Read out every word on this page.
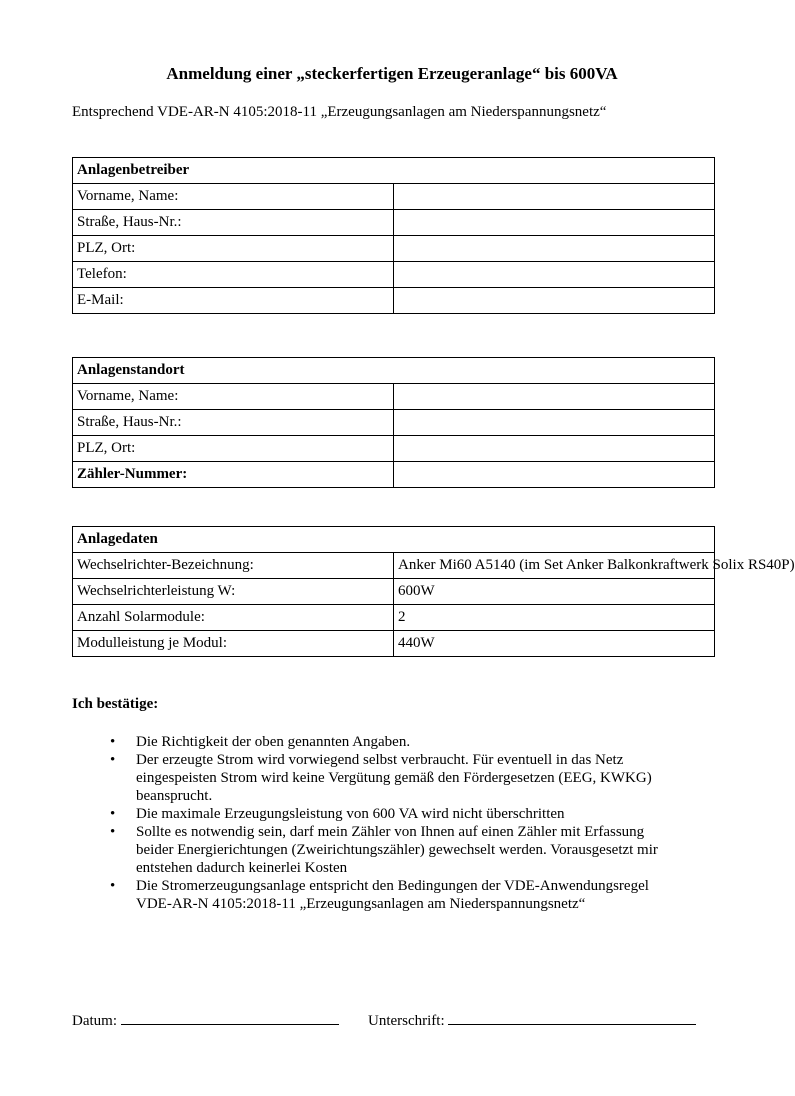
Anmeldung einer „steckerfertigen Erzeugeranlage“ bis 600VA
Entsprechend VDE-AR-N 4105:2018-11 „Erzeugungsanlagen am Niederspannungsnetz“
Anlagenbetreiber	
Vorname, Name:	
Straße, Haus-Nr.:	
PLZ, Ort:	
Telefon:	
E-Mail:	
Anlagenstandort	
Vorname, Name:	
Straße, Haus-Nr.:	
PLZ, Ort:	
Zähler-Nummer:	
Anlagedaten	
Wechselrichter-Bezeichnung:	Anker Mi60 A5140 (im Set Anker Balkonkraftwerk Solix RS40P)
Wechselrichterleistung W:	600W
Anzahl Solarmodule:	2
Modulleistung je Modul:	440W
Ich bestätige:
• Die Richtigkeit der oben genannten Angaben.
• Der erzeugte Strom wird vorwiegend selbst verbraucht. Für eventuell in das Netz
eingespeisten Strom wird keine Vergütung gemäß den Fördergesetzen (EEG, KWKG)
beansprucht.
• Die maximale Erzeugungsleistung von 600 VA wird nicht überschritten
• Sollte es notwendig sein, darf mein Zähler von Ihnen auf einen Zähler mit Erfassung
beider Energierichtungen (Zweirichtungszähler) gewechselt werden. Vorausgesetzt mir
entstehen dadurch keinerlei Kosten
• Die Stromerzeugungsanlage entspricht den Bedingungen der VDE-Anwendungsregel
VDE-AR-N 4105:2018-11 „Erzeugungsanlagen am Niederspannungsnetz“
Datum:	Unterschrift:
